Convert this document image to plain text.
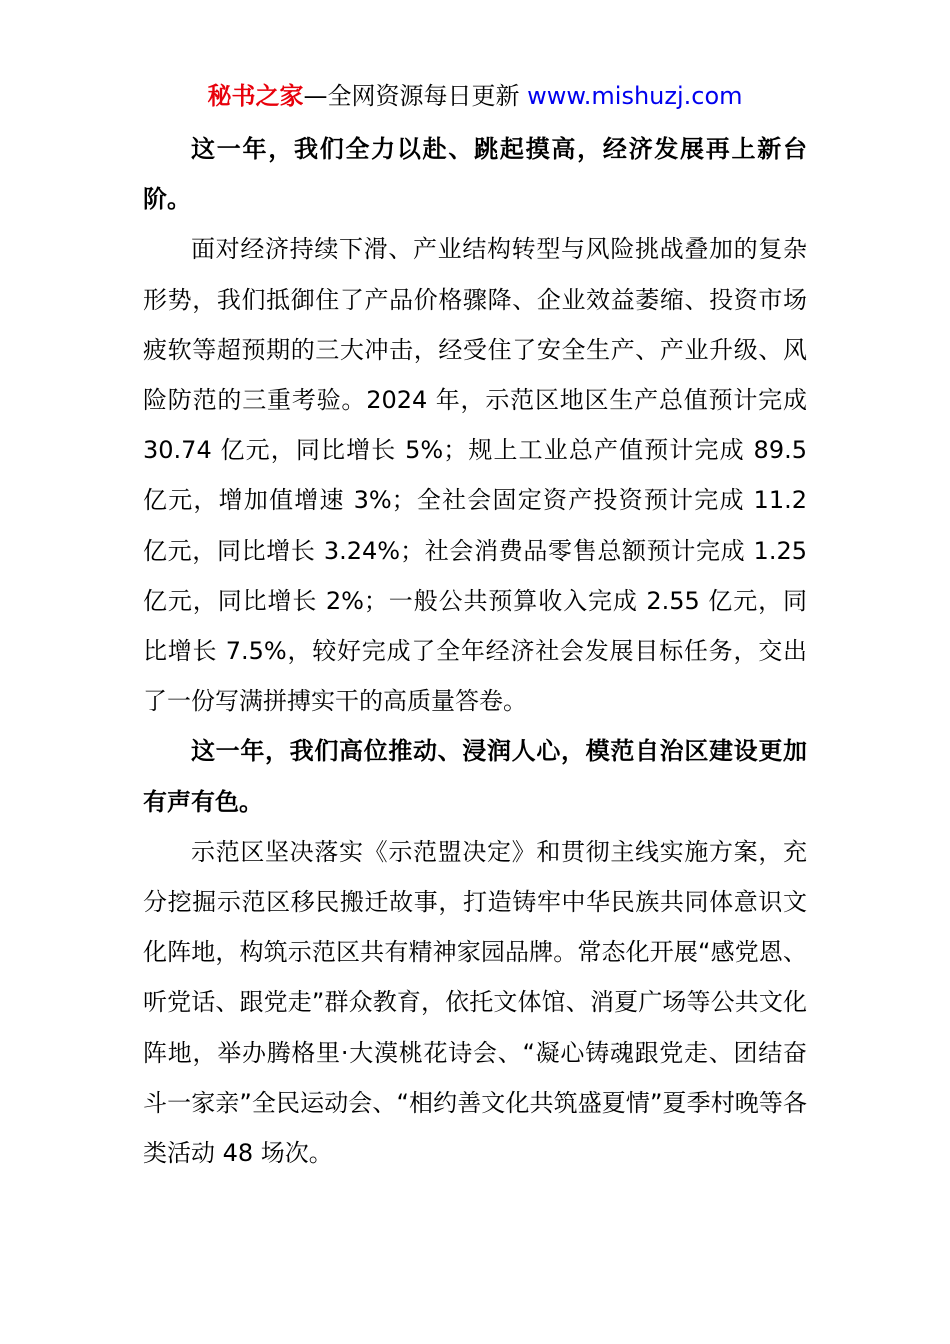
秘书之家—全网资源每日更新 www.mishuzj.com

这一年，我们全力以赴、跳起摸高，经济发展再上新台阶。

面对经济持续下滑、产业结构转型与风险挑战叠加的复杂形势，我们抵御住了产品价格骤降、企业效益萎缩、投资市场疲软等超预期的三大冲击，经受住了安全生产、产业升级、风险防范的三重考验。2024 年，示范区地区生产总值预计完成 30.74 亿元，同比增长 5%；规上工业总产值预计完成 89.5 亿元，增加值增速 3%；全社会固定资产投资预计完成 11.2 亿元，同比增长 3.24%；社会消费品零售总额预计完成 1.25 亿元，同比增长 2%；一般公共预算收入完成 2.55 亿元，同比增长 7.5%，较好完成了全年经济社会发展目标任务，交出了一份写满拼搏实干的高质量答卷。

这一年，我们高位推动、浸润人心，模范自治区建设更加有声有色。

示范区坚决落实《示范盟决定》和贯彻主线实施方案，充分挖掘示范区移民搬迁故事，打造铸牢中华民族共同体意识文化阵地，构筑示范区共有精神家园品牌。常态化开展“感党恩、听党话、跟党走”群众教育，依托文体馆、消夏广场等公共文化阵地，举办腾格里·大漠桃花诗会、“凝心铸魂跟党走、团结奋斗一家亲”全民运动会、“相约善文化共筑盛夏情”夏季村晚等各类活动 48 场次。
